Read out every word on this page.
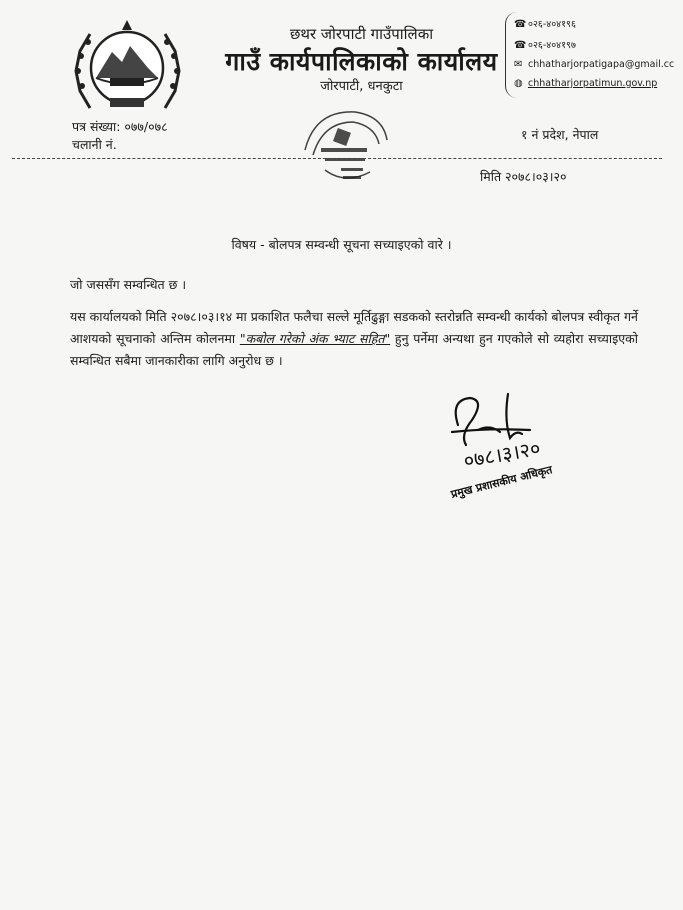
छथर जोरपाटी गाउँपालिका
गाउँ कार्यपालिकाको कार्यालय
जोरपाटी, धनकुटा
☎ ०२६-४०४१९६
☎ ०२६-४०४१९७
✉ chhatharjorpatigapa@gmail.cc
◍ chhatharjorpatimun.gov.np
पत्र संख्या: ०७७/०७८
चलानी नं.
१ नं प्रदेश, नेपाल
मिति २०७८।०३।२०
विषय - बोलपत्र सम्वन्धी सूचना सच्याइएको वारे ।
जो जससँग सम्वन्धित छ ।
यस कार्यालयको मिति २०७८।०३।१४ मा प्रकाशित फलैचा सल्ले मूर्तिढुङ्गा सडकको स्तरोन्नति सम्वन्धी कार्यको बोलपत्र स्वीकृत गर्ने आशयको सूचनाको अन्तिम कोलनमा "कबोल गरेको अंक भ्याट सहित" हुनु पर्नेमा अन्यथा हुन गएकोले सो व्यहोरा सच्याइएको सम्वन्धित सबैमा जानकारीका लागि अनुरोध छ ।
०७८।३।२०
प्रमुख प्रशासकीय अधिकृत
